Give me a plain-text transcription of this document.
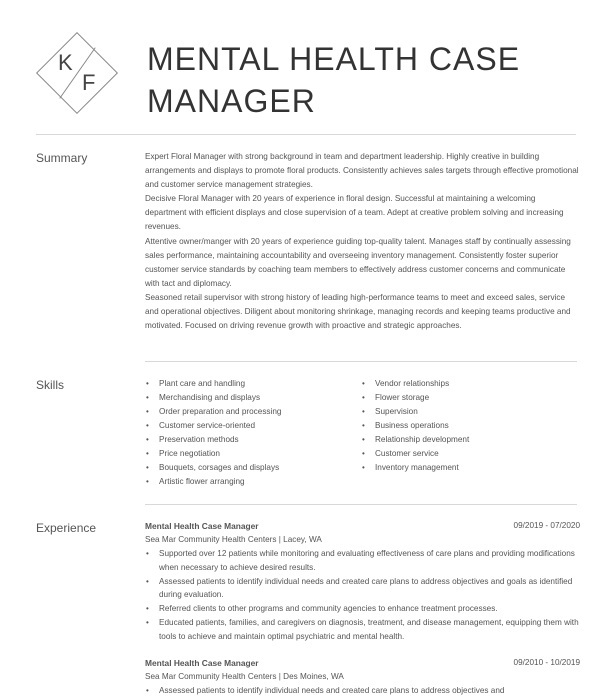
K
F
MENTAL HEALTH CASE
MANAGER
Summary	Expert Floral Manager with strong background in team and department leadership. Highly creative in building arrangements and displays to promote floral products. Consistently achieves sales targets through effective promotional and customer service management strategies.

Decisive Floral Manager with 20 years of experience in floral design. Successful at maintaining a welcoming department with efficient displays and close supervision of a team. Adept at creative problem solving and increasing revenues.

Attentive owner/manger with 20 years of experience guiding top-quality talent. Manages staff by continually assessing sales performance, maintaining accountability and overseeing inventory management. Consistently foster superior customer service standards by coaching team members to effectively address customer concerns and communicate with tact and diplomacy.

Seasoned retail supervisor with strong history of leading high-performance teams to meet and exceed sales, service and operational objectives. Diligent about monitoring shrinkage, managing records and keeping teams productive and motivated. Focused on driving revenue growth with proactive and strategic approaches.

Skills	• Plant care and handling
• Merchandising and displays
• Order preparation and processing
• Customer service-oriented
• Preservation methods
• Price negotiation
• Bouquets, corsages and displays
• Artistic flower arranging
• Vendor relationships
• Flower storage
• Supervision
• Business operations
• Relationship development
• Customer service
• Inventory management
Experience	Mental Health Case Manager	09/2019 - 07/2020
Sea Mar Community Health Centers | Lacey, WA
• Supported over 12 patients while monitoring and evaluating effectiveness of care plans and providing modifications when necessary to achieve desired results.
• Assessed patients to identify individual needs and created care plans to address objectives and goals as identified during evaluation.
• Referred clients to other programs and community agencies to enhance treatment processes.
• Educated patients, families, and caregivers on diagnosis, treatment, and disease management, equipping them with tools to achieve and maintain optimal psychiatric and mental health.
Mental Health Case Manager	09/2010 - 10/2019
Sea Mar Community Health Centers | Des Moines, WA
• Assessed patients to identify individual needs and created care plans to address objectives and
